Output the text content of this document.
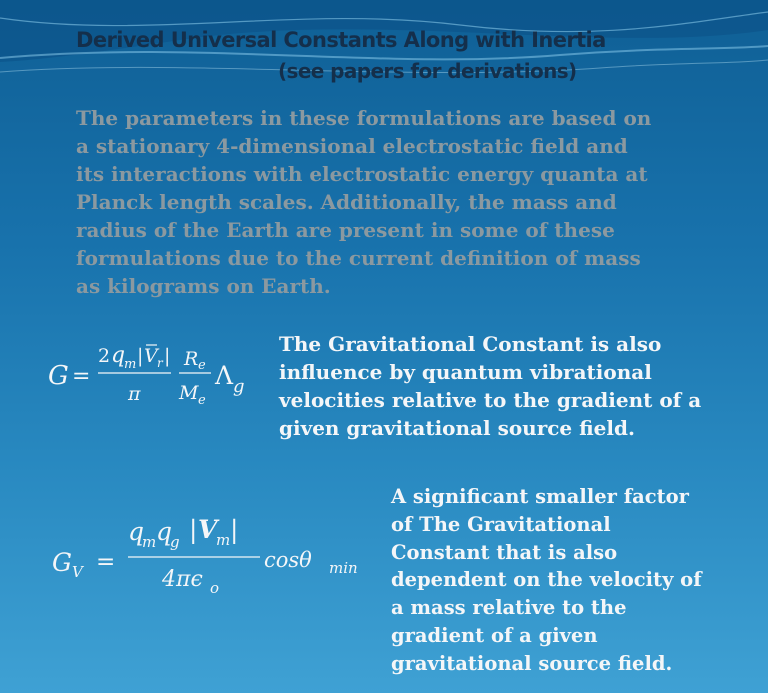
Derived Universal Constants Along with Inertia
(see papers for derivations)
The parameters in these formulations are based on
a stationary 4-dimensional electrostatic field and
its interactions with electrostatic energy quanta at
Planck length scales. Additionally, the mass and
radius of the Earth are present in some of these
formulations due to the current definition of mass
as kilograms on Earth.
G =
2 q
m | V r |
π
R e
M e
Λ g
The Gravitational Constant is also
influence by quantum vibrational
velocities relative to the gradient of a
given gravitational source field.
G V =
q
m q
g | V
m |
4πϵ o
cosθ min
A significant smaller factor
of The Gravitational
Constant that is also
dependent on the velocity of
a mass relative to the
gradient of a given
gravitational source field.
